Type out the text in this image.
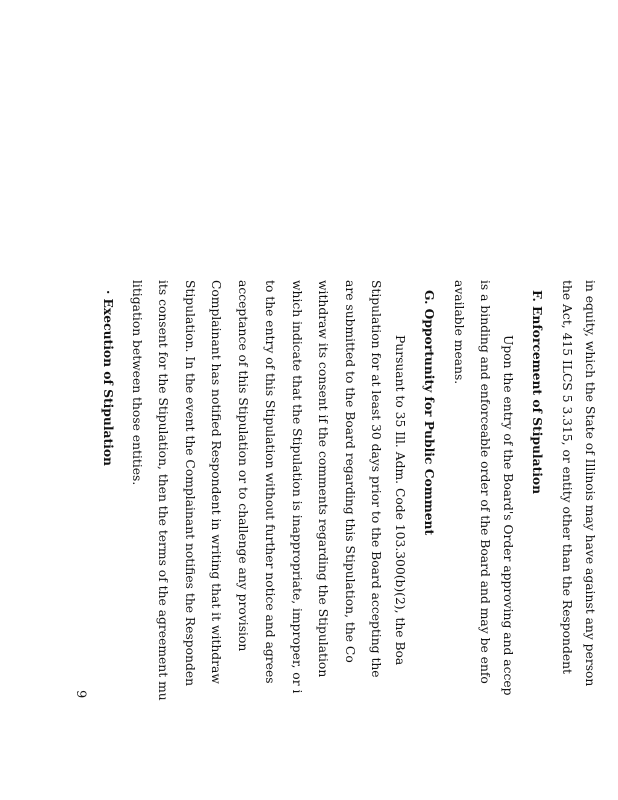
in equity, which the State of Illinois may have against any person
the Act, 415 ILCS 5 3.315, or entity other than the Respondent
F. Enforcement of Stipulation
Upon the entry of the Board's Order approving and accep
is a binding and enforceable order of the Board and may be enfo
available means.
G. Opportunity for Public Comment
Pursuant to 35 Ill. Adm. Code 103.300(b)(2), the Boa
Stipulation for at least 30 days prior to the Board accepting the
are submitted to the Board regarding this Stipulation, the Co
withdraw its consent if the comments regarding the Stipulation
which indicate that the Stipulation is inappropriate, improper, or i
to the entry of this Stipulation without further notice and agrees
acceptance of this Stipulation or to challenge any provision
Complainant has notified Respondent in writing that it withdraw
Stipulation. In the event the Complainant notifies the Responden
its consent for the Stipulation, then the terms of the agreement mu
litigation between those entities.
· Execution of Stipulation
9
